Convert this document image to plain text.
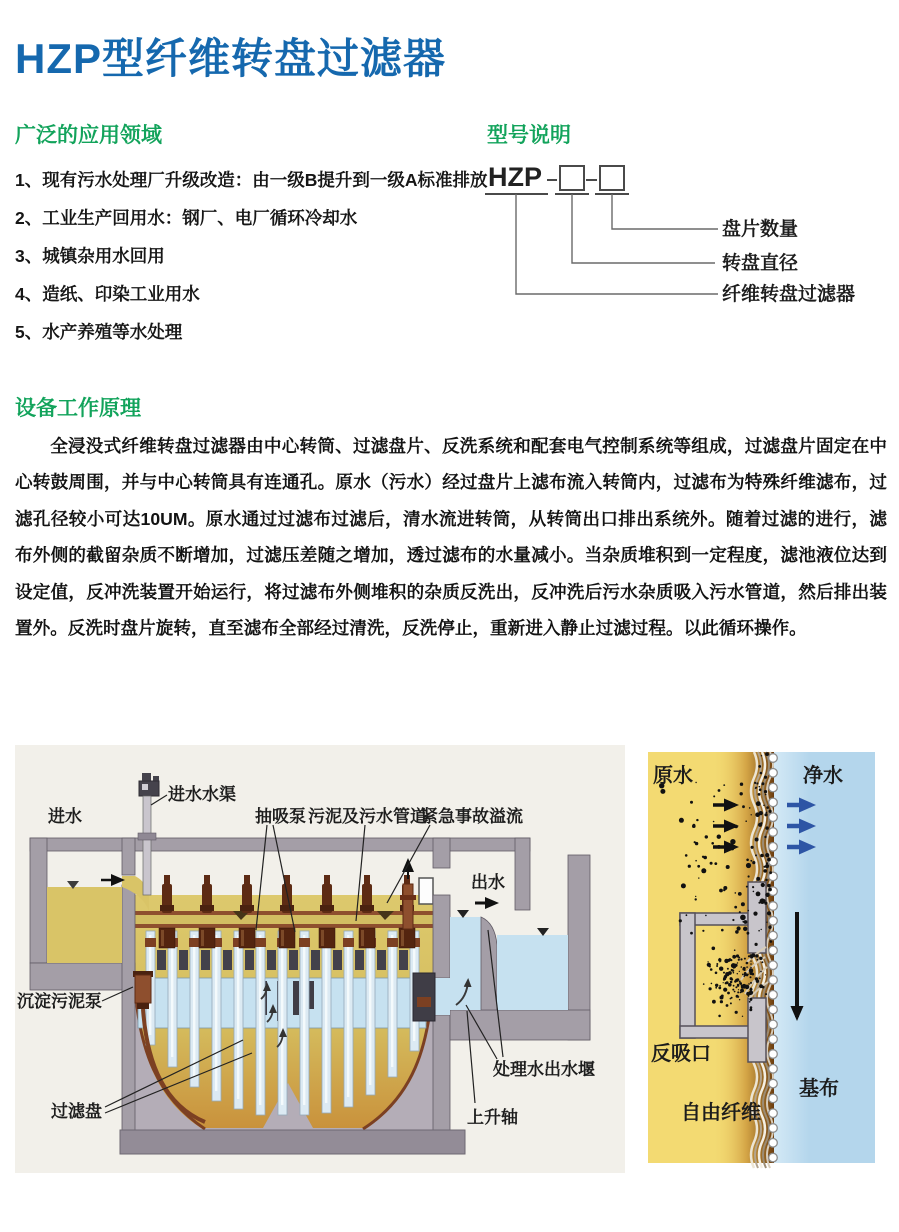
HZP型纤维转盘过滤器
广泛的应用领域
1、现有污水处理厂升级改造：由一级B提升到一级A标准排放
2、工业生产回用水：钢厂、电厂循环冷却水
3、城镇杂用水回用
4、造纸、印染工业用水
5、水产养殖等水处理
型号说明
HZP
盘片数量
转盘直径
纤维转盘过滤器
设备工作原理

全浸没式纤维转盘过滤器由中心转筒、过滤盘片、反洗系统和配套电气控制系统等组成，过滤盘片固定在中心转鼓周围，并与中心转筒具有连通孔。原水（污水）经过盘片上滤布流入转筒内，过滤布为特殊纤维滤布，过滤孔径较小可达10UM。原水通过过滤布过滤后，清水流进转筒，从转筒出口排出系统外。随着过滤的进行，滤布外侧的截留杂质不断增加，过滤压差随之增加，透过滤布的水量减小。当杂质堆积到一定程度，滤池液位达到设定值，反冲洗装置开始运行，将过滤布外侧堆积的杂质反洗出，反冲洗后污水杂质吸入污水管道，然后排出装置外。反洗时盘片旋转，直至滤布全部经过清洗，反洗停止，重新进入静止过滤过程。以此循环操作。

进水
进水水渠
抽吸泵 污泥及污水管道
紧急事故溢流
出水
沉淀污泥泵
过滤盘
处理水出水堰
上升轴
原水	净水
反吸口
自由纤维
基布
